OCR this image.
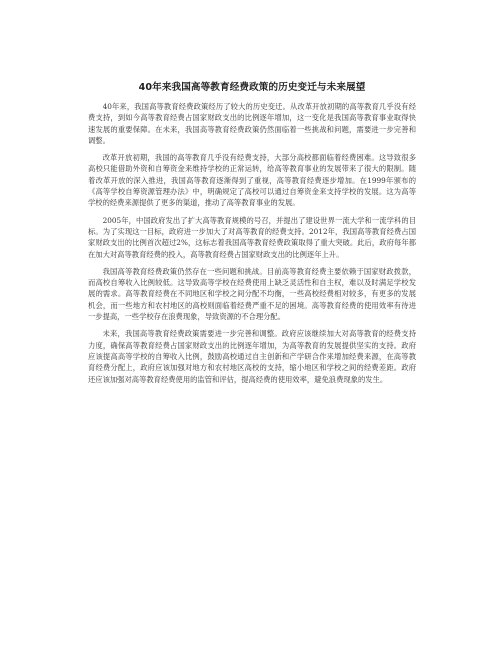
40年来我国高等教育经费政策的历史变迁与未来展望

40年来，我国高等教育经费政策经历了较大的历史变迁。从改革开放初期的高等教育几乎没有经费支持，到如今高等教育经费占国家财政支出的比例逐年增加，这一变化是我国高等教育事业取得快速发展的重要保障。在未来，我国高等教育经费政策仍然面临着一些挑战和问题，需要进一步完善和调整。

改革开放初期，我国的高等教育几乎没有经费支持，大部分高校都面临着经费困难。这导致很多高校只能借助外资和自筹资金来维持学校的正常运转，给高等教育事业的发展带来了很大的限制。随着改革开放的深入推进，我国高等教育逐渐得到了重视，高等教育经费逐步增加。在1999年颁布的《高等学校自筹资源管理办法》中，明确规定了高校可以通过自筹资金来支持学校的发展。这为高等学校的经费来源提供了更多的渠道，推动了高等教育事业的发展。

2005年，中国政府发出了扩大高等教育规模的号召，并提出了建设世界一流大学和一流学科的目标。为了实现这一目标，政府进一步加大了对高等教育的经费支持。2012年，我国高等教育经费占国家财政支出的比例首次超过2%，这标志着我国高等教育经费政策取得了重大突破。此后，政府每年都在加大对高等教育经费的投入，高等教育经费占国家财政支出的比例逐年上升。

我国高等教育经费政策仍然存在一些问题和挑战。目前高等教育经费主要依赖于国家财政拨款，而高校自筹收入比例较低。这导致高等学校在经费使用上缺乏灵活性和自主权，难以及时满足学校发展的需求。高等教育经费在不同地区和学校之间分配不均衡，一些高校经费相对较多，有更多的发展机会，而一些地方和农村地区的高校则面临着经费严重不足的困境。高等教育经费的使用效率有待进一步提高，一些学校存在浪费现象，导致资源的不合理分配。

未来，我国高等教育经费政策需要进一步完善和调整。政府应该继续加大对高等教育的经费支持力度，确保高等教育经费占国家财政支出的比例逐年增加，为高等教育的发展提供坚实的支持。政府应该提高高等学校的自筹收入比例，鼓励高校通过自主创新和产学研合作来增加经费来源，在高等教育经费分配上，政府应该加强对地方和农村地区高校的支持，缩小地区和学校之间的经费差距。政府还应该加强对高等教育经费使用的监管和评估，提高经费的使用效率，避免浪费现象的发生。
